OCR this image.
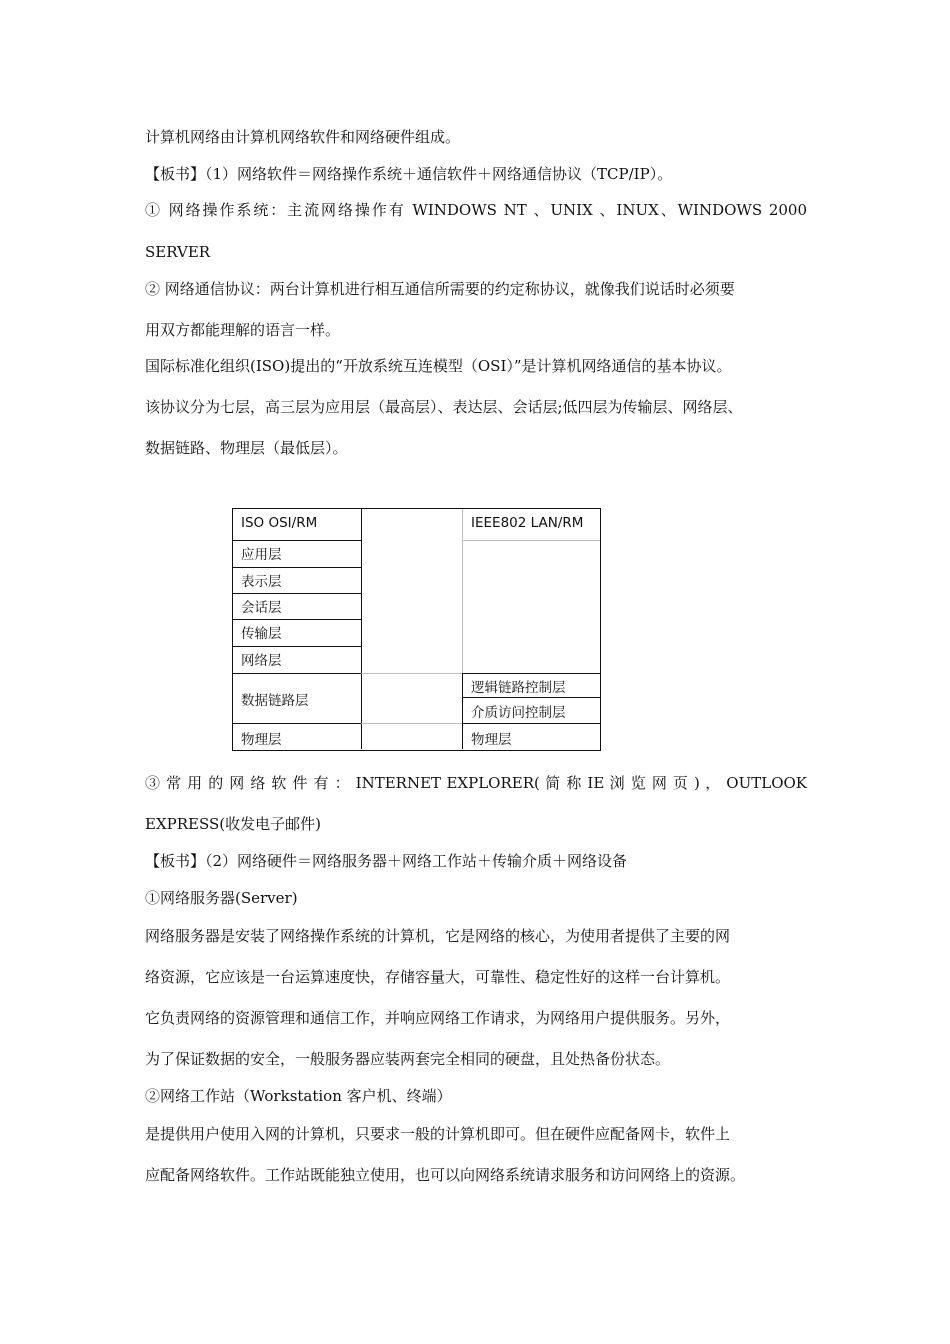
计算机网络由计算机网络软件和网络硬件组成。
【板书】（1）网络软件＝网络操作系统＋通信软件＋网络通信协议（TCP/IP）。
① 网络操作系统：主流网络操作有 WINDOWS NT 、UNIX 、INUX、WINDOWS 2000
SERVER
② 网络通信协议：两台计算机进行相互通信所需要的约定称协议，就像我们说话时必须要
用双方都能理解的语言一样。
国际标准化组织(ISO)提出的“开放系统互连模型（OSI）”是计算机网络通信的基本协议。
该协议分为七层，高三层为应用层（最高层）、表达层、会话层;低四层为传输层、网络层、
数据链路、物理层（最低层）。
ISO OSI/RM
应用层
表示层
会话层
传输层
网络层
数据链路层
物理层
IEEE802 LAN/RM
逻辑链路控制层
介质访问控制层
物理层
③ 常 用 的 网 络 软 件 有 ： INTERNET EXPLORER( 简 称 IE 浏 览 网 页 ) ， OUTLOOK
EXPRESS(收发电子邮件)
【板书】（2）网络硬件＝网络服务器＋网络工作站＋传输介质＋网络设备
①网络服务器(Server)
网络服务器是安装了网络操作系统的计算机，它是网络的核心，为使用者提供了主要的网
络资源，它应该是一台运算速度快，存储容量大，可靠性、稳定性好的这样一台计算机。
它负责网络的资源管理和通信工作，并响应网络工作请求，为网络用户提供服务。另外，
为了保证数据的安全，一般服务器应装两套完全相同的硬盘，且处热备份状态。
②网络工作站（Workstation 客户机、终端）
是提供用户使用入网的计算机，只要求一般的计算机即可。但在硬件应配备网卡，软件上
应配备网络软件。工作站既能独立使用，也可以向网络系统请求服务和访问网络上的资源。
